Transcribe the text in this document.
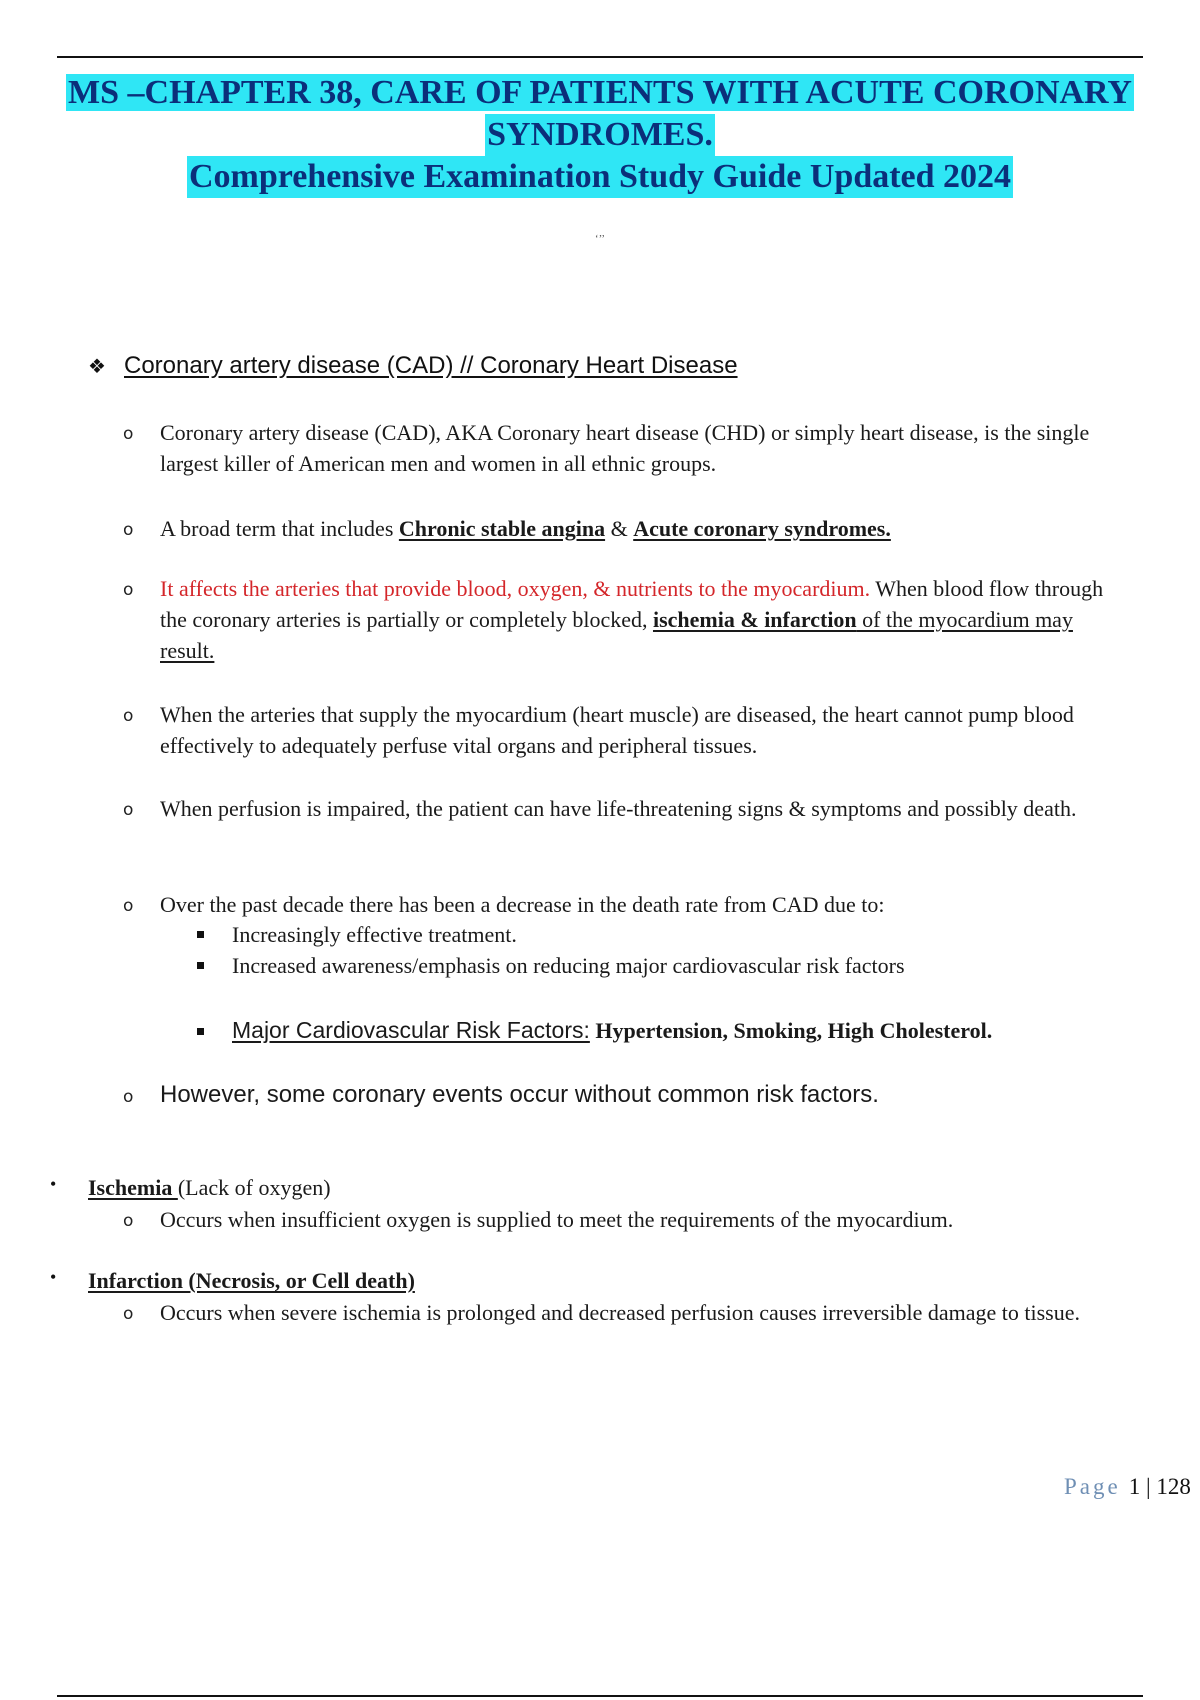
MS –CHAPTER 38, CARE OF PATIENTS WITH ACUTE CORONARY
SYNDROMES.
Comprehensive Examination Study Guide Updated 2024
‘’’
❖ Coronary artery disease (CAD) // Coronary Heart Disease
o Coronary artery disease (CAD), AKA Coronary heart disease (CHD) or simply heart disease, is the single largest killer of American men and women in all ethnic groups.
o A broad term that includes Chronic stable angina & Acute coronary syndromes.
o It affects the arteries that provide blood, oxygen, & nutrients to the myocardium. When blood flow through the coronary arteries is partially or completely blocked, ischemia & infarction of the myocardium may result.
o When the arteries that supply the myocardium (heart muscle) are diseased, the heart cannot pump blood effectively to adequately perfuse vital organs and peripheral tissues.
o When perfusion is impaired, the patient can have life-threatening signs & symptoms and possibly death.
o Over the past decade there has been a decrease in the death rate from CAD due to:
Increasingly effective treatment.
Increased awareness/emphasis on reducing major cardiovascular risk factors
Major Cardiovascular Risk Factors: Hypertension, Smoking, High Cholesterol.
o However, some coronary events occur without common risk factors.
• Ischemia (Lack of oxygen)
o Occurs when insufficient oxygen is supplied to meet the requirements of the myocardium.
• Infarction (Necrosis, or Cell death)
o Occurs when severe ischemia is prolonged and decreased perfusion causes irreversible damage to tissue.
Page 1 | 128
